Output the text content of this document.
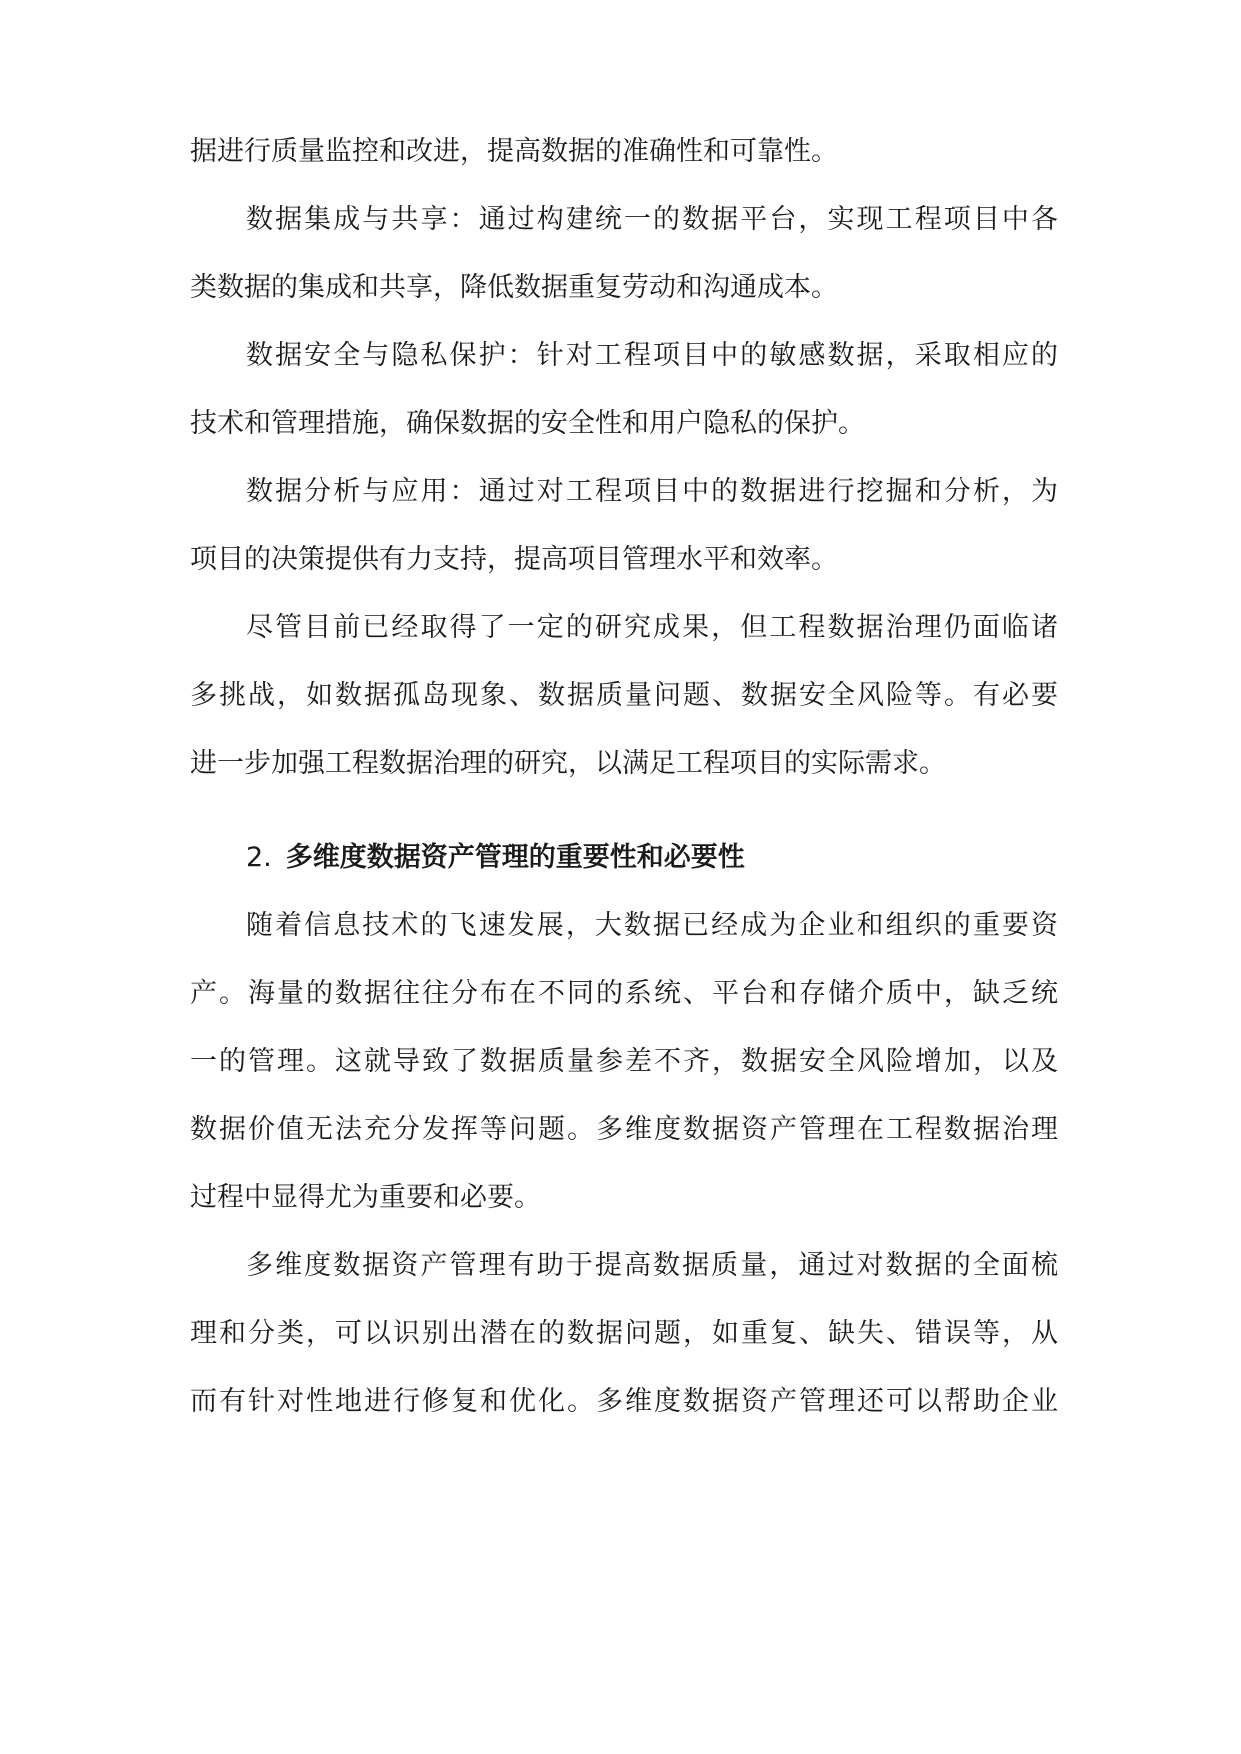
据进行质量监控和改进，提高数据的准确性和可靠性。
数据集成与共享：通过构建统一的数据平台，实现工程项目中各
类数据的集成和共享，降低数据重复劳动和沟通成本。
数据安全与隐私保护：针对工程项目中的敏感数据，采取相应的
技术和管理措施，确保数据的安全性和用户隐私的保护。
数据分析与应用：通过对工程项目中的数据进行挖掘和分析，为
项目的决策提供有力支持，提高项目管理水平和效率。
尽管目前已经取得了一定的研究成果，但工程数据治理仍面临诸
多挑战，如数据孤岛现象、数据质量问题、数据安全风险等。有必要
进一步加强工程数据治理的研究，以满足工程项目的实际需求。
2. 多维度数据资产管理的重要性和必要性
随着信息技术的飞速发展，大数据已经成为企业和组织的重要资
产。海量的数据往往分布在不同的系统、平台和存储介质中，缺乏统
一的管理。这就导致了数据质量参差不齐，数据安全风险增加，以及
数据价值无法充分发挥等问题。多维度数据资产管理在工程数据治理
过程中显得尤为重要和必要。
多维度数据资产管理有助于提高数据质量，通过对数据的全面梳
理和分类，可以识别出潜在的数据问题，如重复、缺失、错误等，从
而有针对性地进行修复和优化。多维度数据资产管理还可以帮助企业
